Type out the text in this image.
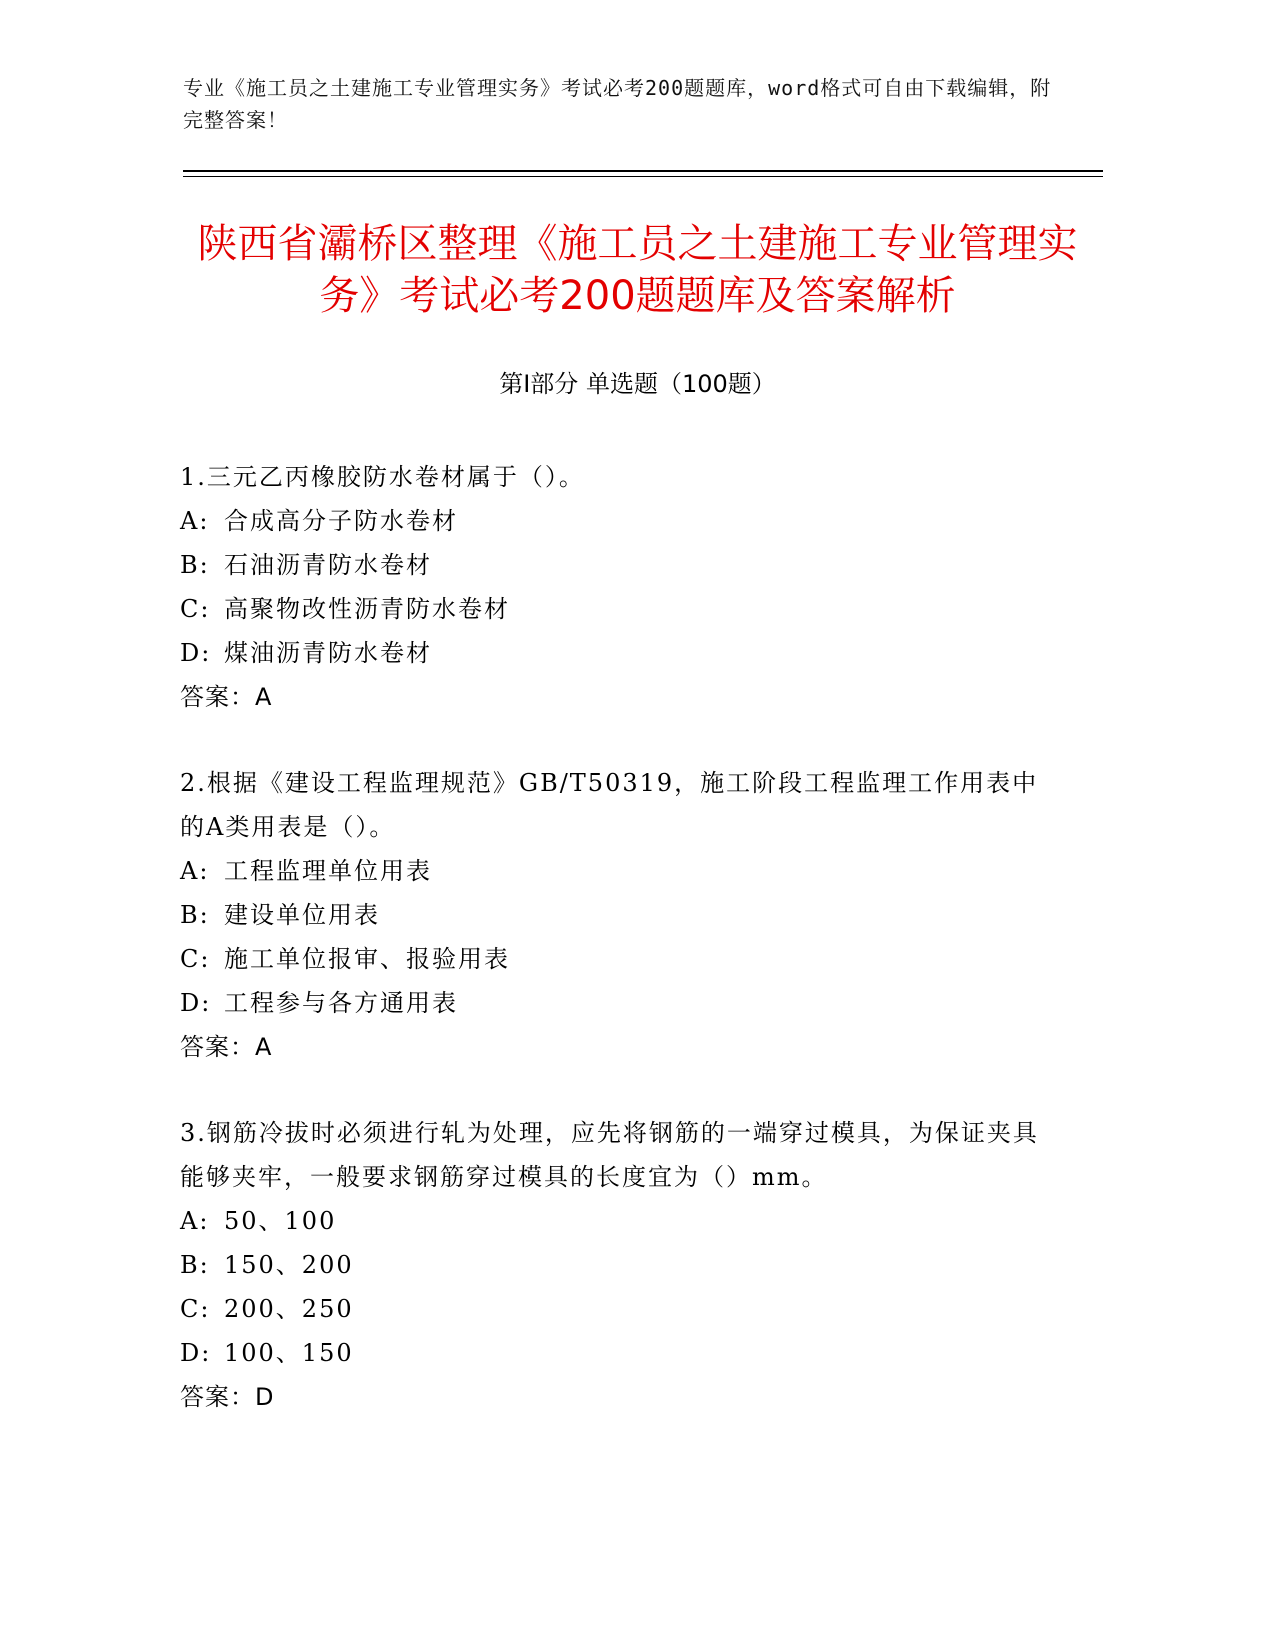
专业《施工员之土建施工专业管理实务》考试必考200题题库，word格式可自由下载编辑，附完整答案！
陕西省灞桥区整理《施工员之土建施工专业管理实务》考试必考200题题库及答案解析
第I部分 单选题（100题）

1.三元乙丙橡胶防水卷材属于（）。

A: 合成高分子防水卷材
B: 石油沥青防水卷材
C: 高聚物改性沥青防水卷材
D: 煤油沥青防水卷材
答案：A

2.根据《建设工程监理规范》GB/T50319，施工阶段工程监理工作用表中的A类用表是（）。

A: 工程监理单位用表
B: 建设单位用表
C: 施工单位报审、报验用表
D: 工程参与各方通用表
答案：A

3.钢筋冷拔时必须进行轧为处理，应先将钢筋的一端穿过模具，为保证夹具能够夹牢，一般要求钢筋穿过模具的长度宜为（）mm。

A: 50、100
B: 150、200
C: 200、250
D: 100、150
答案：D
